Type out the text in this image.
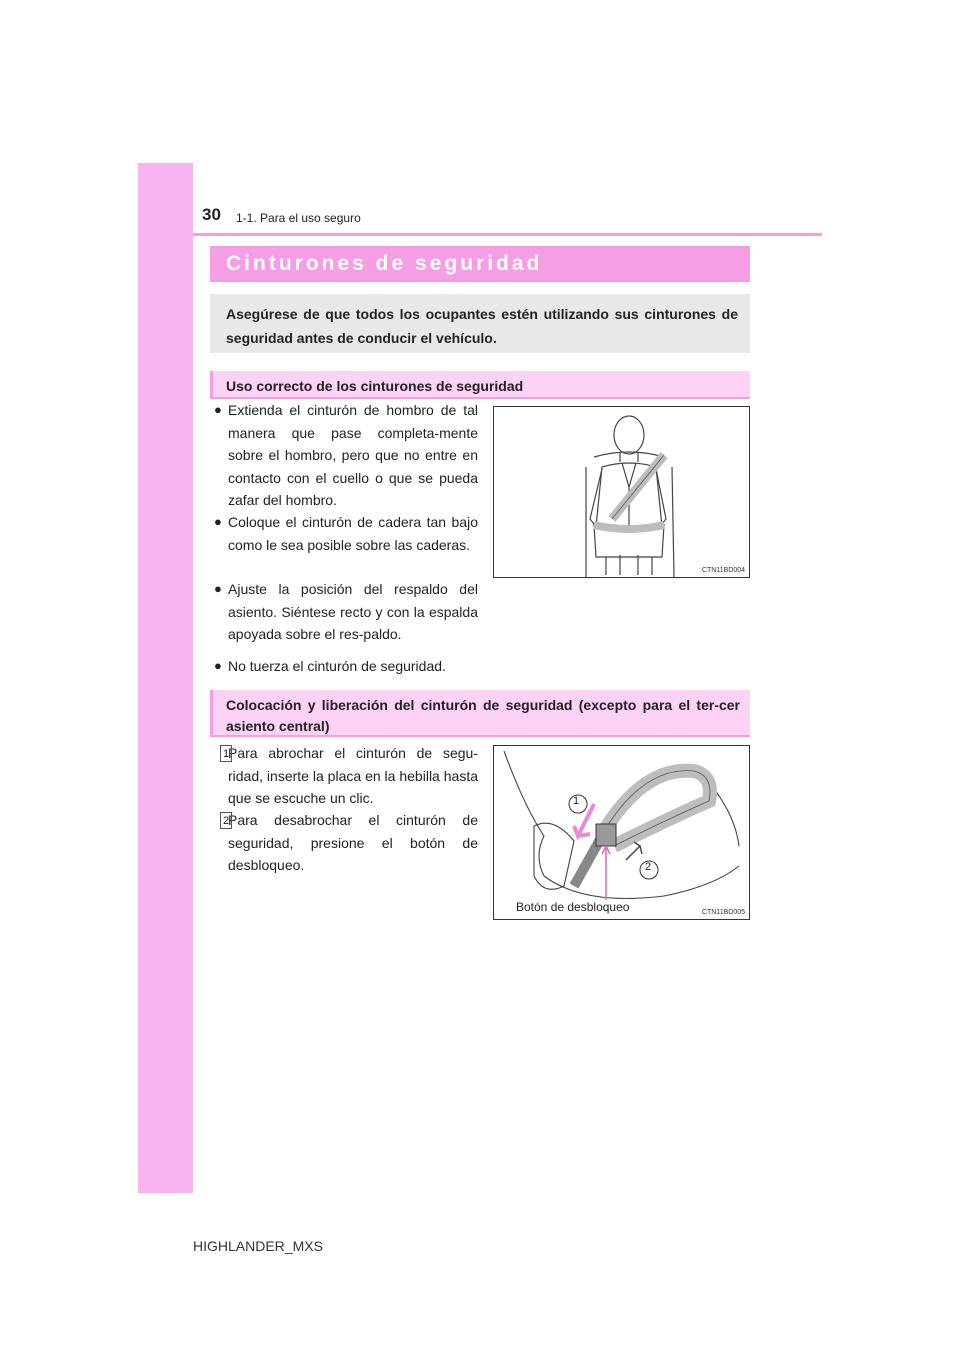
30 1-1. Para el uso seguro
Cinturones de seguridad
Asegúrese de que todos los ocupantes estén utilizando sus cinturones de seguridad antes de conducir el vehículo.
Uso correcto de los cinturones de seguridad
● Extienda el cinturón de hombro de tal manera que pase completa-mente sobre el hombro, pero que no entre en contacto con el cuello o que se pueda zafar del hombro.
● Coloque el cinturón de cadera tan bajo como le sea posible sobre las caderas.
● Ajuste la posición del respaldo del asiento. Siéntese recto y con la espalda apoyada sobre el res-paldo.
● No tuerza el cinturón de seguridad.
CTN11BD004
Colocación y liberación del cinturón de seguridad (excepto para el ter-cer asiento central)
1
Para abrochar el cinturón de segu-ridad, inserte la placa en la hebilla hasta que se escuche un clic.
2
Para desabrochar el cinturón de seguridad, presione el botón de desbloqueo.
1
2
Botón de desbloqueo	CTN11BD005
HIGHLANDER_MXS
